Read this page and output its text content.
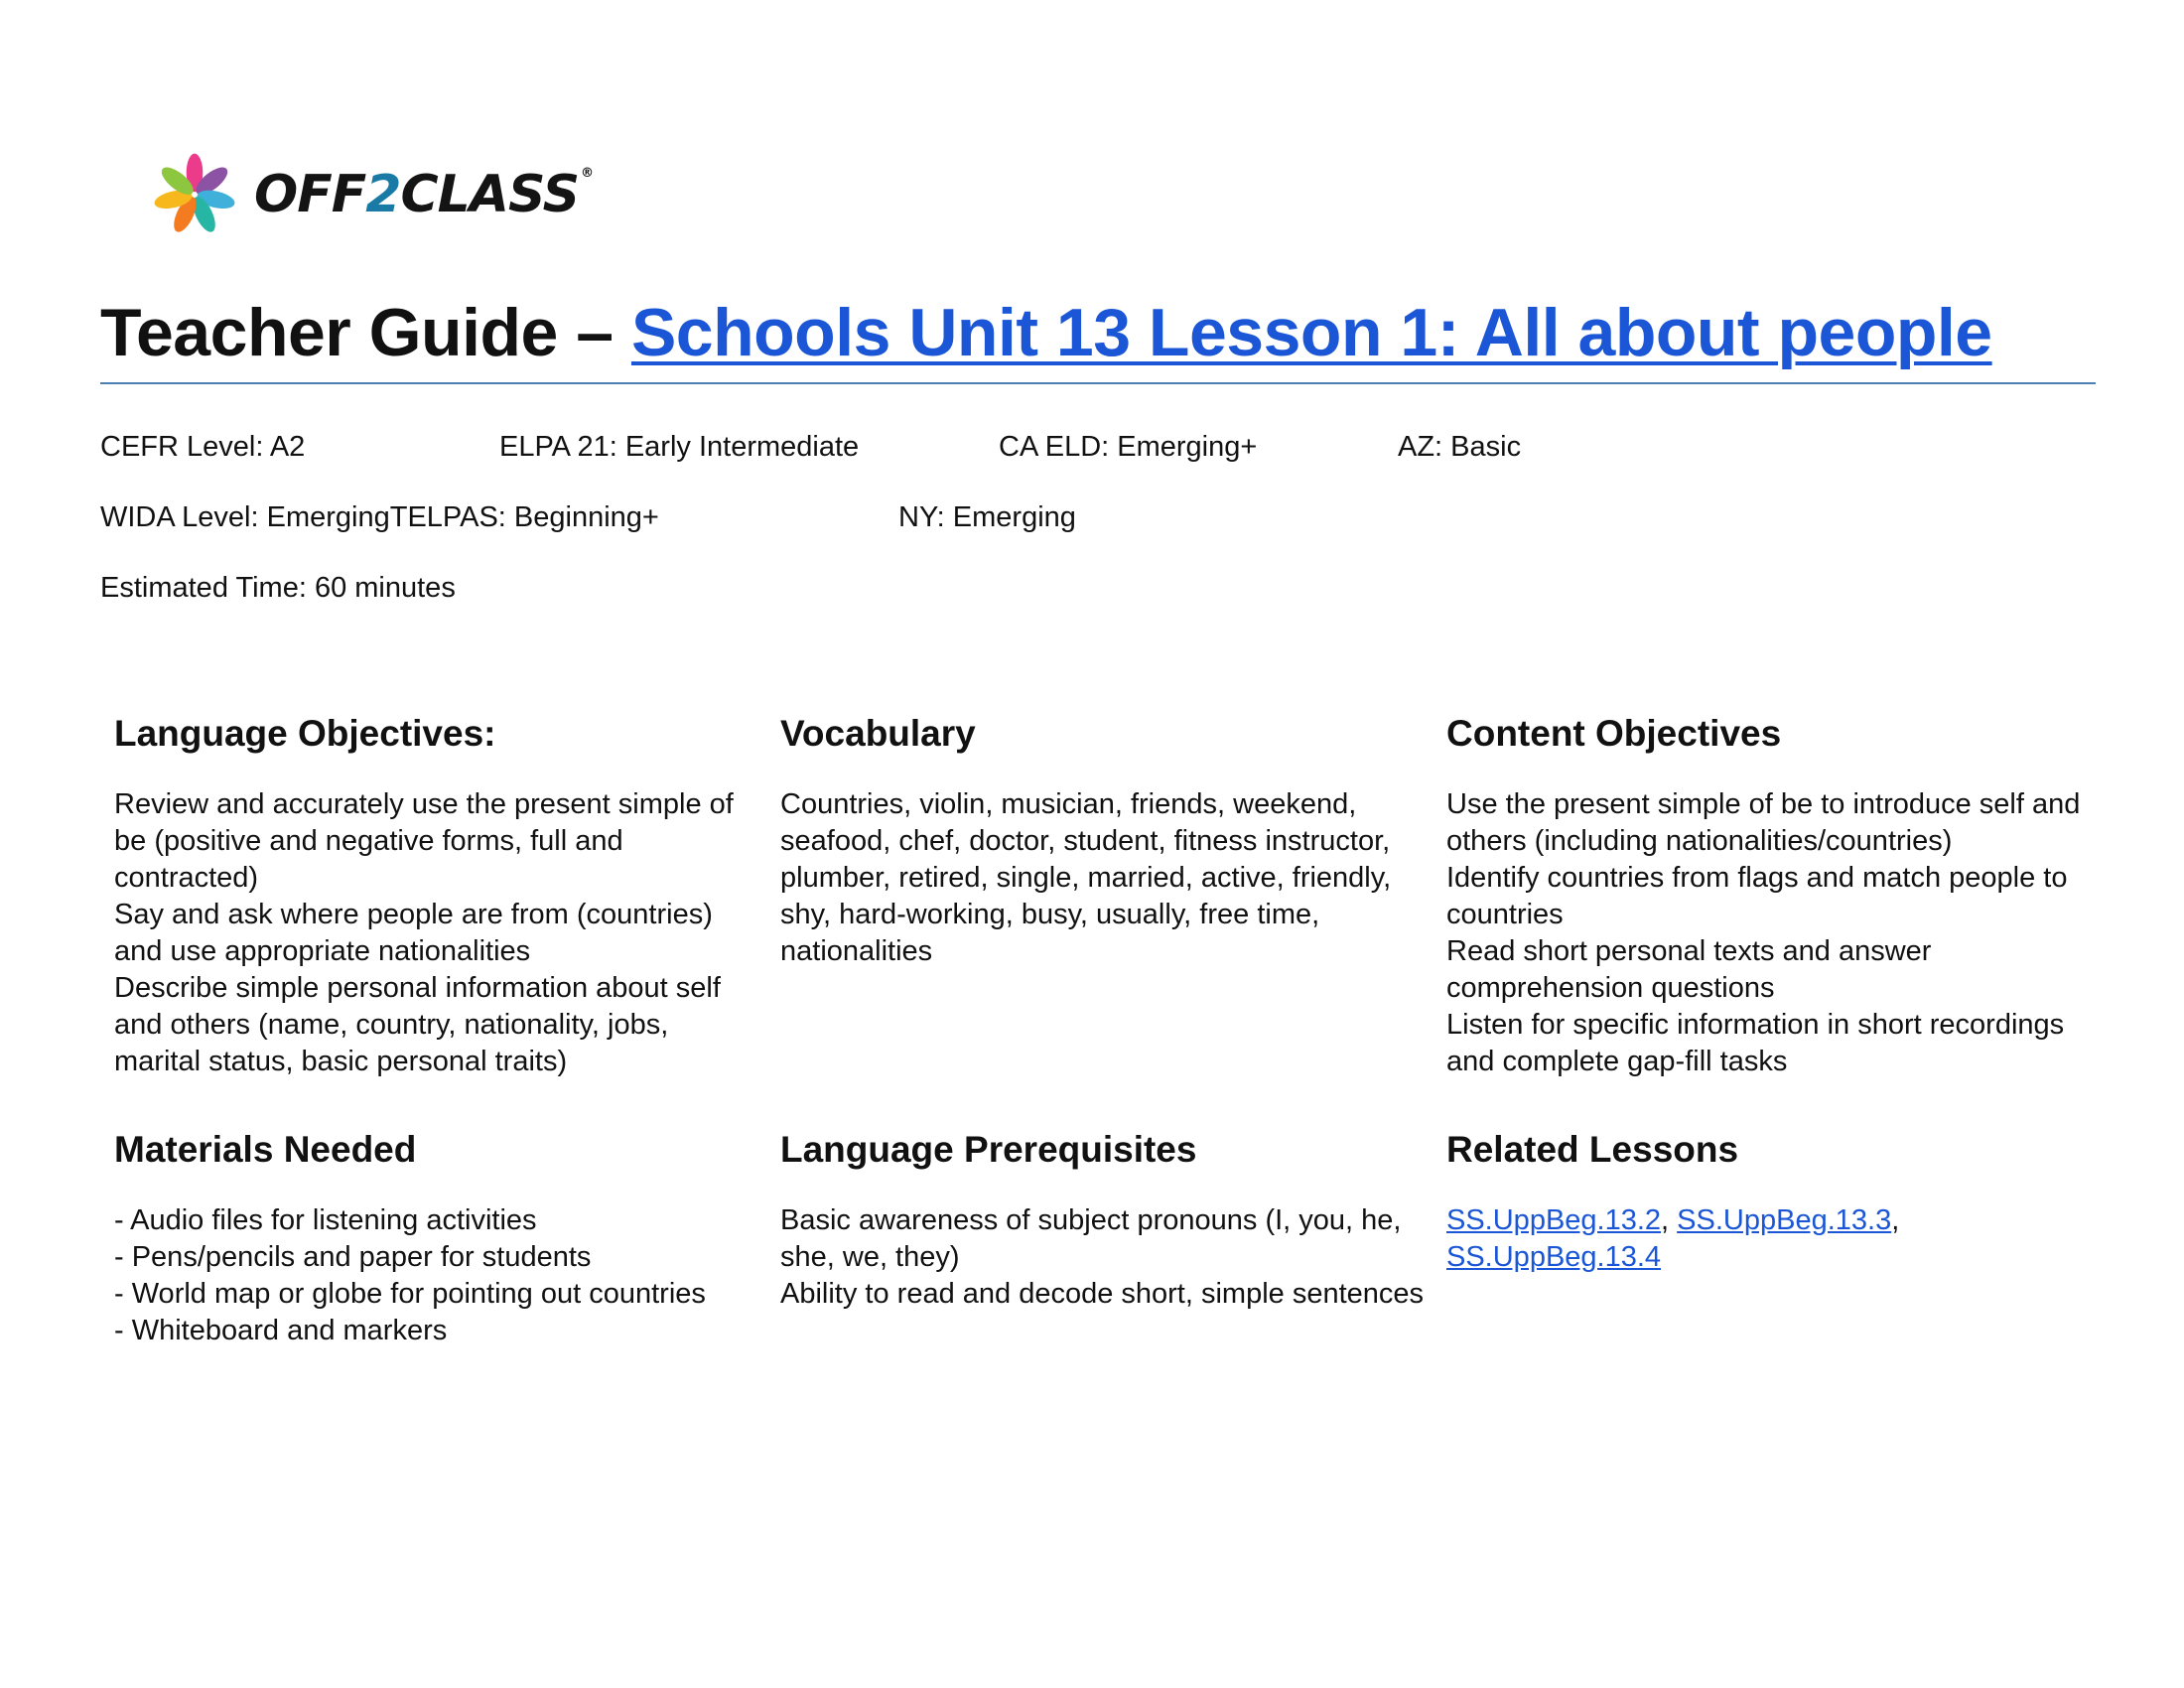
OFF2CLASS ®
Teacher Guide – Schools Unit 13 Lesson 1: All about people
CEFR Level: A2	ELPA 21: Early Intermediate	CA ELD: Emerging+	AZ: Basic
WIDA Level: EmergingTELPAS: Beginning+	NY: Emerging
Estimated Time: 60 minutes
Language Objectives:
Review and accurately use the present simple of be (positive and negative forms, full and contracted)
Say and ask where people are from (countries) and use appropriate nationalities
Describe simple personal information about self and others (name, country, nationality, jobs, marital status, basic personal traits)
Vocabulary
Countries, violin, musician, friends, weekend, seafood, chef, doctor, student, fitness instructor, plumber, retired, single, married, active, friendly, shy, hard-working, busy, usually, free time, nationalities
Content Objectives
Use the present simple of be to introduce self and others (including nationalities/countries)
Identify countries from flags and match people to countries
Read short personal texts and answer comprehension questions
Listen for specific information in short recordings and complete gap-fill tasks
Materials Needed
- Audio files for listening activities
- Pens/pencils and paper for students
- World map or globe for pointing out countries
- Whiteboard and markers
Language Prerequisites
Basic awareness of subject pronouns (I, you, he, she, we, they)
Ability to read and decode short, simple sentences
Related Lessons
SS.UppBeg.13.2, SS.UppBeg.13.3,
SS.UppBeg.13.4
